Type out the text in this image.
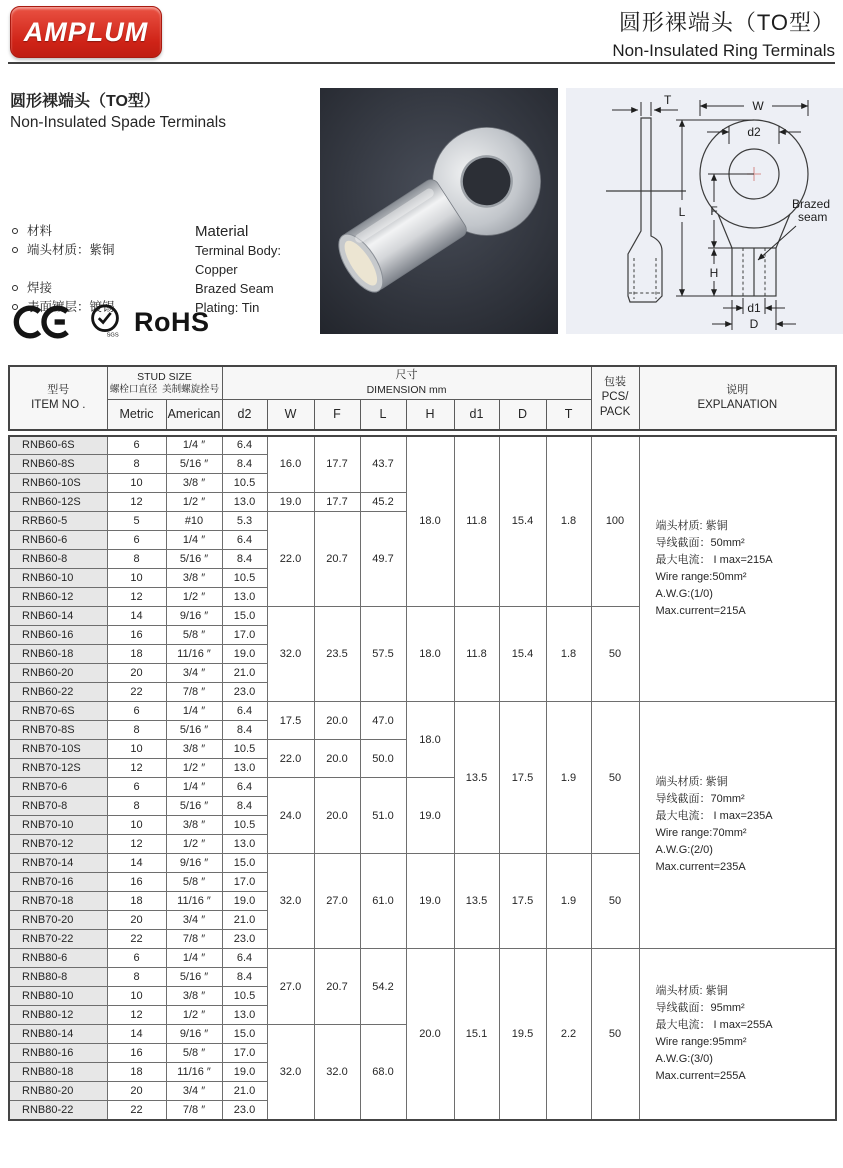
AMPLUM	圆形裸端头（TO型）
Non-Insulated Ring Terminals
圆形裸端头（TO型）
Non-Insulated Spade Terminals
材料	Material
端头材质：紫铜	Terminal Body: Copper
焊接	Brazed Seam
表面镀层：镀锡	Plating: Tin
SGS RoHS
T	W
d2
L F
H
d1
D
Brazed
seam
型号
ITEM NO .

STUD SIZE
螺栓口直径 美制螺旋拴号

尺寸
DIMENSION mm

包装
PCS/
PACK

说明
EXPLANATION

	Metric	American	d2	W	F	L	H	d1	D	T		
RNB60-6S	6	1/4 ″	6.4	16.0	17.7	43.7	18.0	11.8	15.4	1.8	100	端头材质: 紫铜
导线截面：50mm²
最大电流： I max=215A
Wire range:50mm²
A.W.G:(1/0)
Max.current=215A

RNB60-8S	8	5/16 ″	8.4									
RNB60-10S	10	3/8 ″	10.5									
RNB60-12S	12	1/2 ″	13.0	19.0	17.7	45.2						
RRB60-5	5	#10	5.3	22.0	20.7	49.7						
RNB60-6	6	1/4 ″	6.4									
RNB60-8	8	5/16 ″	8.4									
RNB60-10	10	3/8 ″	10.5									
RNB60-12	12	1/2 ″	13.0									
RNB60-14	14	9/16 ″	15.0	32.0	23.5	57.5	18.0	11.8	15.4	1.8	50	
RNB60-16	16	5/8 ″	17.0									
RNB60-18	18	11/16 ″	19.0									
RNB60-20	20	3/4 ″	21.0									
RNB60-22	22	7/8 ″	23.0									
RNB70-6S	6	1/4 ″	6.4	17.5	20.0	47.0	18.0	13.5	17.5	1.9	50	端头材质: 紫铜
导线截面：70mm²
最大电流： I max=235A
Wire range:70mm²
A.W.G:(2/0)
Max.current=235A

RNB70-8S	8	5/16 ″	8.4									
RNB70-10S	10	3/8 ″	10.5	22.0	20.0	50.0						
RNB70-12S	12	1/2 ″	13.0									
RNB70-6	6	1/4 ″	6.4	24.0	20.0	51.0	19.0					
RNB70-8	8	5/16 ″	8.4									
RNB70-10	10	3/8 ″	10.5									
RNB70-12	12	1/2 ″	13.0									
RNB70-14	14	9/16 ″	15.0	32.0	27.0	61.0	19.0	13.5	17.5	1.9	50	
RNB70-16	16	5/8 ″	17.0									
RNB70-18	18	11/16 ″	19.0									
RNB70-20	20	3/4 ″	21.0									
RNB70-22	22	7/8 ″	23.0									
RNB80-6	6	1/4 ″	6.4	27.0	20.7	54.2	20.0	15.1	19.5	2.2	50	
端头材质: 紫铜
导线截面：95mm²
最大电流： I max=255A
Wire range:95mm²
A.W.G:(3/0)
Max.current=255A

RNB80-8	8	5/16 ″	8.4									
RNB80-10	10	3/8 ″	10.5									
RNB80-12	12	1/2 ″	13.0									
RNB80-14	14	9/16 ″	15.0	32.0	32.0	68.0						
RNB80-16	16	5/8 ″	17.0									
RNB80-18	18	11/16 ″	19.0									
RNB80-20	20	3/4 ″	21.0									
RNB80-22	22	7/8 ″	23.0									
